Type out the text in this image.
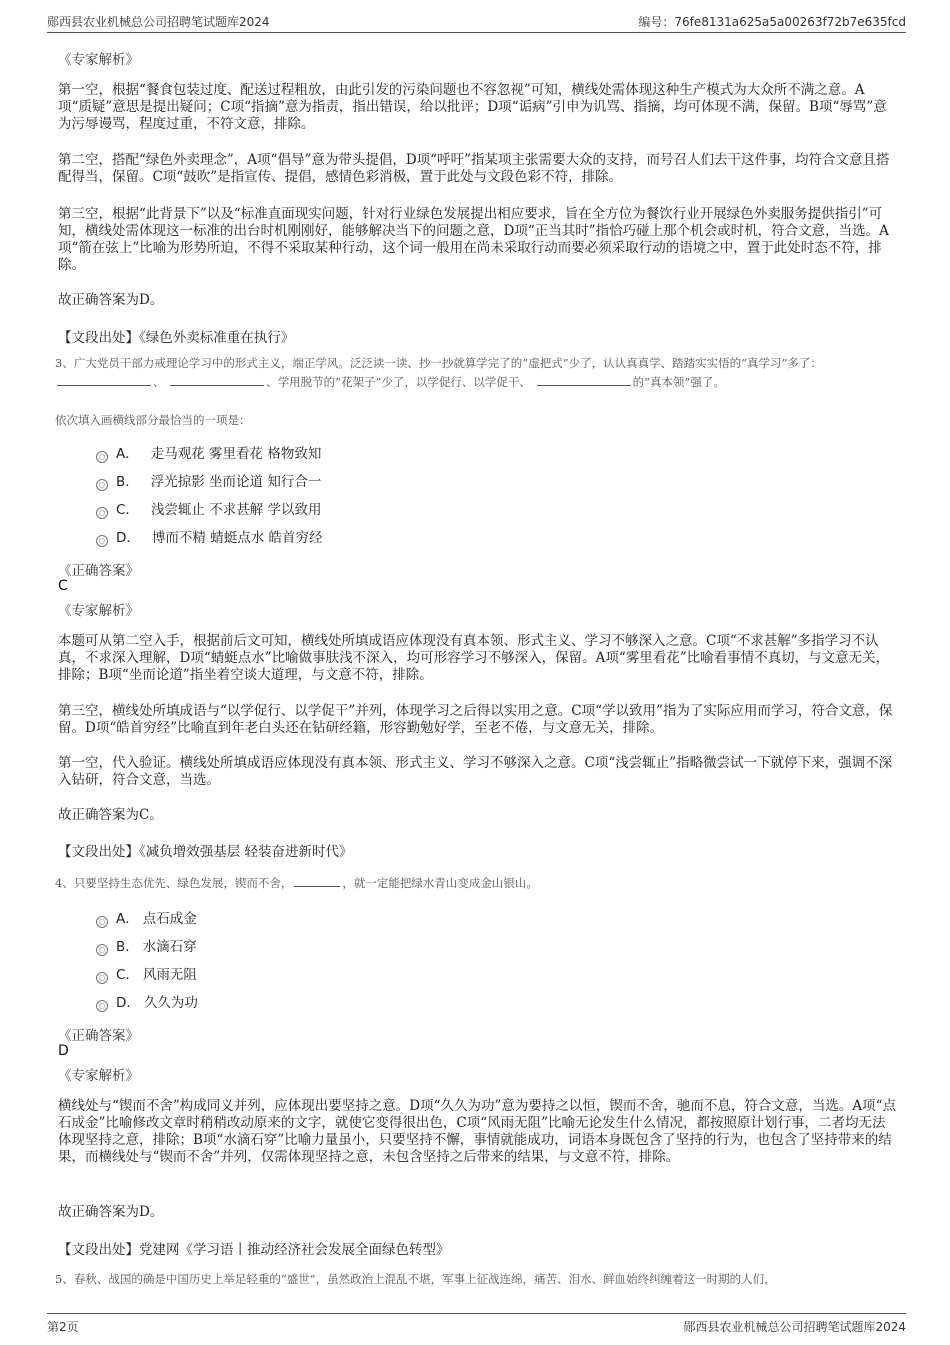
郧西县农业机械总公司招聘笔试题库2024	编号：76fe8131a625a5a00263f72b7e635fcd
《专家解析》
第一空，根据“餐食包装过度、配送过程粗放，由此引发的污染问题也不容忽视”可知，横线处需体现这种生产模式为大众所不满之意。A项“质疑”意思是提出疑问；C项“指摘”意为指责，指出错误，给以批评；D项“诟病”引申为讥骂、指摘，均可体现不满，保留。B项“辱骂”意为污辱谩骂，程度过重，不符文意，排除。
第二空，搭配“绿色外卖理念”，A项“倡导”意为带头提倡，D项“呼吁”指某项主张需要大众的支持，而号召人们去干这件事，均符合文意且搭配得当，保留。C项“鼓吹”是指宣传、提倡，感情色彩消极，置于此处与文段色彩不符，排除。
第三空，根据“此背景下”以及“标准直面现实问题，针对行业绿色发展提出相应要求，旨在全方位为餐饮行业开展绿色外卖服务提供指引”可知，横线处需体现这一标准的出台时机刚刚好，能够解决当下的问题之意，D项“正当其时”指恰巧碰上那个机会或时机，符合文意，当选。A项“箭在弦上”比喻为形势所迫，不得不采取某种行动，这个词一般用在尚未采取行动而要必须采取行动的语境之中，置于此处时态不符，排除。
故正确答案为D。
【文段出处】《绿色外卖标准重在执行》
3、广大党员干部力戒理论学习中的形式主义，端正学风。泛泛读一读、抄一抄就算学完了的“虚把式”少了，认认真真学、踏踏实实悟的“真学习”多了： 、	、学用脱节的“花架子”少了，以学促行、以学促干、	的“真本领”强了。
依次填入画横线部分最恰当的一项是：
A． 走马观花 雾里看花 格物致知
B． 浮光掠影 坐而论道 知行合一
C． 浅尝辄止 不求甚解 学以致用
D． 博而不精 蜻蜓点水 皓首穷经
《正确答案》
C
《专家解析》
本题可从第二空入手，根据前后文可知，横线处所填成语应体现没有真本领、形式主义、学习不够深入之意。C项“不求甚解”多指学习不认真，不求深入理解，D项“蜻蜓点水”比喻做事肤浅不深入，均可形容学习不够深入，保留。A项“雾里看花”比喻看事情不真切，与文意无关，排除；B项“坐而论道”指坐着空谈大道理，与文意不符，排除。
第三空，横线处所填成语与“以学促行、以学促干”并列，体现学习之后得以实用之意。C项“学以致用”指为了实际应用而学习，符合文意，保留。D项“皓首穷经”比喻直到年老白头还在钻研经籍，形容勤勉好学，至老不倦，与文意无关，排除。
第一空，代入验证。横线处所填成语应体现没有真本领、形式主义、学习不够深入之意。C项“浅尝辄止”指略微尝试一下就停下来，强调不深入钻研，符合文意，当选。
故正确答案为C。
【文段出处】《减负增效强基层 轻装奋进新时代》
4、只要坚持生态优先、绿色发展，锲而不舍，	，就一定能把绿水青山变成金山银山。
A． 点石成金
B． 水滴石穿
C． 风雨无阻
D． 久久为功
《正确答案》
D
《专家解析》
横线处与“锲而不舍”构成同义并列，应体现出要坚持之意。D项“久久为功”意为要持之以恒，锲而不舍，驰而不息，符合文意，当选。A项“点石成金”比喻修改文章时稍稍改动原来的文字，就使它变得很出色，C项“风雨无阻”比喻无论发生什么情况，都按照原计划行事，二者均无法体现坚持之意，排除；B项“水滴石穿”比喻力量虽小，只要坚持不懈，事情就能成功，词语本身既包含了坚持的行为，也包含了坚持带来的结果，而横线处与“锲而不舍”并列，仅需体现坚持之意，未包含坚持之后带来的结果，与文意不符，排除。
故正确答案为D。
【文段出处】党建网《学习语丨推动经济社会发展全面绿色转型》
5、春秋、战国的确是中国历史上举足轻重的“盛世”，虽然政治上混乱不堪，军事上征战连绵，痛苦、泪水、鲜血始终纠缠着这一时期的人们，
第2页	郧西县农业机械总公司招聘笔试题库2024
